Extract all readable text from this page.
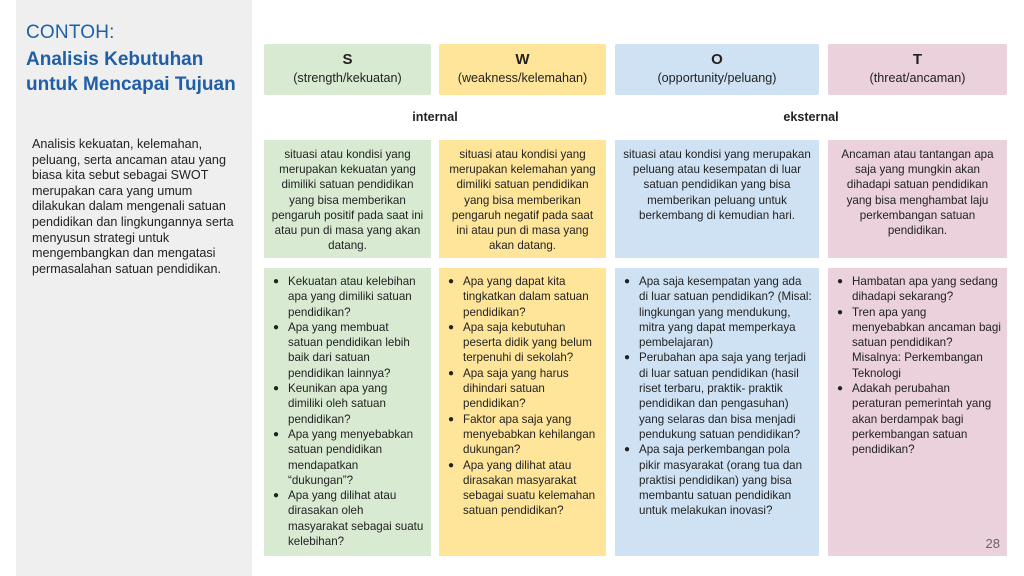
CONTOH:
Analisis Kebutuhan untuk Mencapai Tujuan
Analisis kekuatan, kelemahan, peluang, serta ancaman atau yang biasa kita sebut sebagai SWOT merupakan cara yang umum dilakukan dalam mengenali satuan pendidikan dan lingkungannya serta menyusun strategi untuk mengembangkan dan mengatasi permasalahan satuan pendidikan.
S
(strength/kekuatan)
W
(weakness/kelemahan)
O
(opportunity/peluang)
T
(threat/ancaman)
internal	eksternal
situasi atau kondisi yang merupakan kekuatan yang dimiliki satuan pendidikan yang bisa memberikan pengaruh positif pada saat ini atau pun di masa yang akan datang.
situasi atau kondisi yang merupakan kelemahan yang dimiliki satuan pendidikan yang bisa memberikan pengaruh negatif pada saat ini atau pun di masa yang akan datang.
situasi atau kondisi yang merupakan peluang atau kesempatan di luar satuan pendidikan yang bisa memberikan peluang untuk berkembang di kemudian hari.
Ancaman atau tantangan apa saja yang mungkin akan dihadapi satuan pendidikan yang bisa menghambat laju perkembangan satuan pendidikan.
● Kekuatan atau kelebihan apa yang dimiliki satuan pendidikan?
● Apa yang membuat satuan pendidikan lebih baik dari satuan pendidikan lainnya?
● Keunikan apa yang dimiliki oleh satuan pendidikan?
● Apa yang menyebabkan satuan pendidikan mendapatkan “dukungan”?
● Apa yang dilihat atau dirasakan oleh masyarakat sebagai suatu kelebihan?
● Apa yang dapat kita tingkatkan dalam satuan pendidikan?
● Apa saja kebutuhan peserta didik yang belum terpenuhi di sekolah?
● Apa saja yang harus dihindari satuan pendidikan?
● Faktor apa saja yang menyebabkan kehilangan dukungan?
● Apa yang dilihat atau dirasakan masyarakat sebagai suatu kelemahan satuan pendidikan?
● Apa saja kesempatan yang ada di luar satuan pendidikan? (Misal: lingkungan yang mendukung, mitra yang dapat memperkaya pembelajaran)
● Perubahan apa saja yang terjadi di luar satuan pendidikan (hasil riset terbaru, praktik- praktik pendidikan dan pengasuhan) yang selaras dan bisa menjadi pendukung satuan pendidikan?
● Apa saja perkembangan pola pikir masyarakat (orang tua dan praktisi pendidikan) yang bisa membantu satuan pendidikan untuk melakukan inovasi?
● Hambatan apa yang sedang dihadapi sekarang?
● Tren apa yang menyebabkan ancaman bagi satuan pendidikan? Misalnya: Perkembangan Teknologi
● Adakah perubahan peraturan pemerintah yang akan berdampak bagi perkembangan satuan pendidikan?
28
